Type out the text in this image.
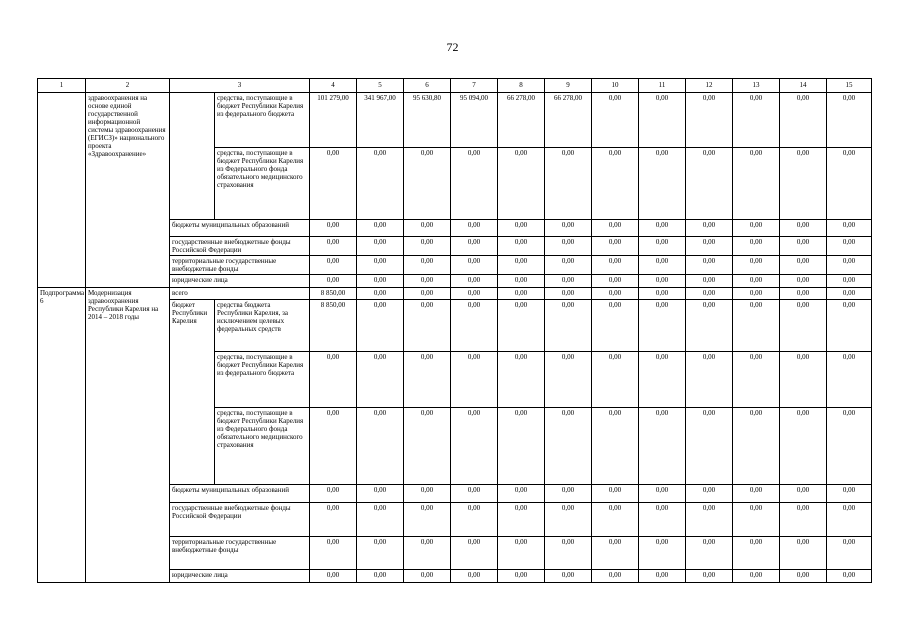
72
1	2	3		4	5	6	7	8	9	10	11	12	13	14	15
	здравоохранения на основе единой государственной информационной системы здравоохранения (ЕГИСЗ)» национального проекта «Здравоохранение»		средства, поступающие в бюджет Республики Карелия из федерального бюджета	101 279,00	341 967,00	95 630,80	95 094,00	66 278,00	66 278,00	0,00	0,00	0,00	0,00	0,00	0,00
			средства, поступающие в бюджет Республики Карелия из Федерального фонда обязательного медицинского страхования	0,00	0,00	0,00	0,00	0,00	0,00	0,00	0,00	0,00	0,00	0,00	0,00
		бюджеты муниципальных образований		0,00	0,00	0,00	0,00	0,00	0,00	0,00	0,00	0,00	0,00	0,00	0,00
		государственные внебюджетные фонды Российской Федерации		0,00	0,00	0,00	0,00	0,00	0,00	0,00	0,00	0,00	0,00	0,00	0,00
		территориальные государственные внебюджетные фонды		0,00	0,00	0,00	0,00	0,00	0,00	0,00	0,00	0,00	0,00	0,00	0,00
		юридические лица		0,00	0,00	0,00	0,00	0,00	0,00	0,00	0,00	0,00	0,00	0,00	0,00
Подпрограмма 6	Модернизация здравоохранения Республики Карелия на 2014 – 2018 годы	всего		8 850,00	0,00	0,00	0,00	0,00	0,00	0,00	0,00	0,00	0,00	0,00	0,00
		бюджет Республики Карелия	средства бюджета Республики Карелия, за исключением целевых федеральных средств	8 850,00	0,00	0,00	0,00	0,00	0,00	0,00	0,00	0,00	0,00	0,00	0,00
			средства, поступающие в бюджет Республики Карелия из федерального бюджета	0,00	0,00	0,00	0,00	0,00	0,00	0,00	0,00	0,00	0,00	0,00	0,00
			средства, поступающие в бюджет Республики Карелия из Федерального фонда обязательного медицинского страхования	0,00	0,00	0,00	0,00	0,00	0,00	0,00	0,00	0,00	0,00	0,00	0,00
		бюджеты муниципальных образований		0,00	0,00	0,00	0,00	0,00	0,00	0,00	0,00	0,00	0,00	0,00	0,00
		государственные внебюджетные фонды Российской Федерации		0,00	0,00	0,00	0,00	0,00	0,00	0,00	0,00	0,00	0,00	0,00	0,00
		территориальные государственные внебюджетные фонды		0,00	0,00	0,00	0,00	0,00	0,00	0,00	0,00	0,00	0,00	0,00	0,00
		юридические лица		0,00	0,00	0,00	0,00	0,00	0,00	0,00	0,00	0,00	0,00	0,00	0,00
